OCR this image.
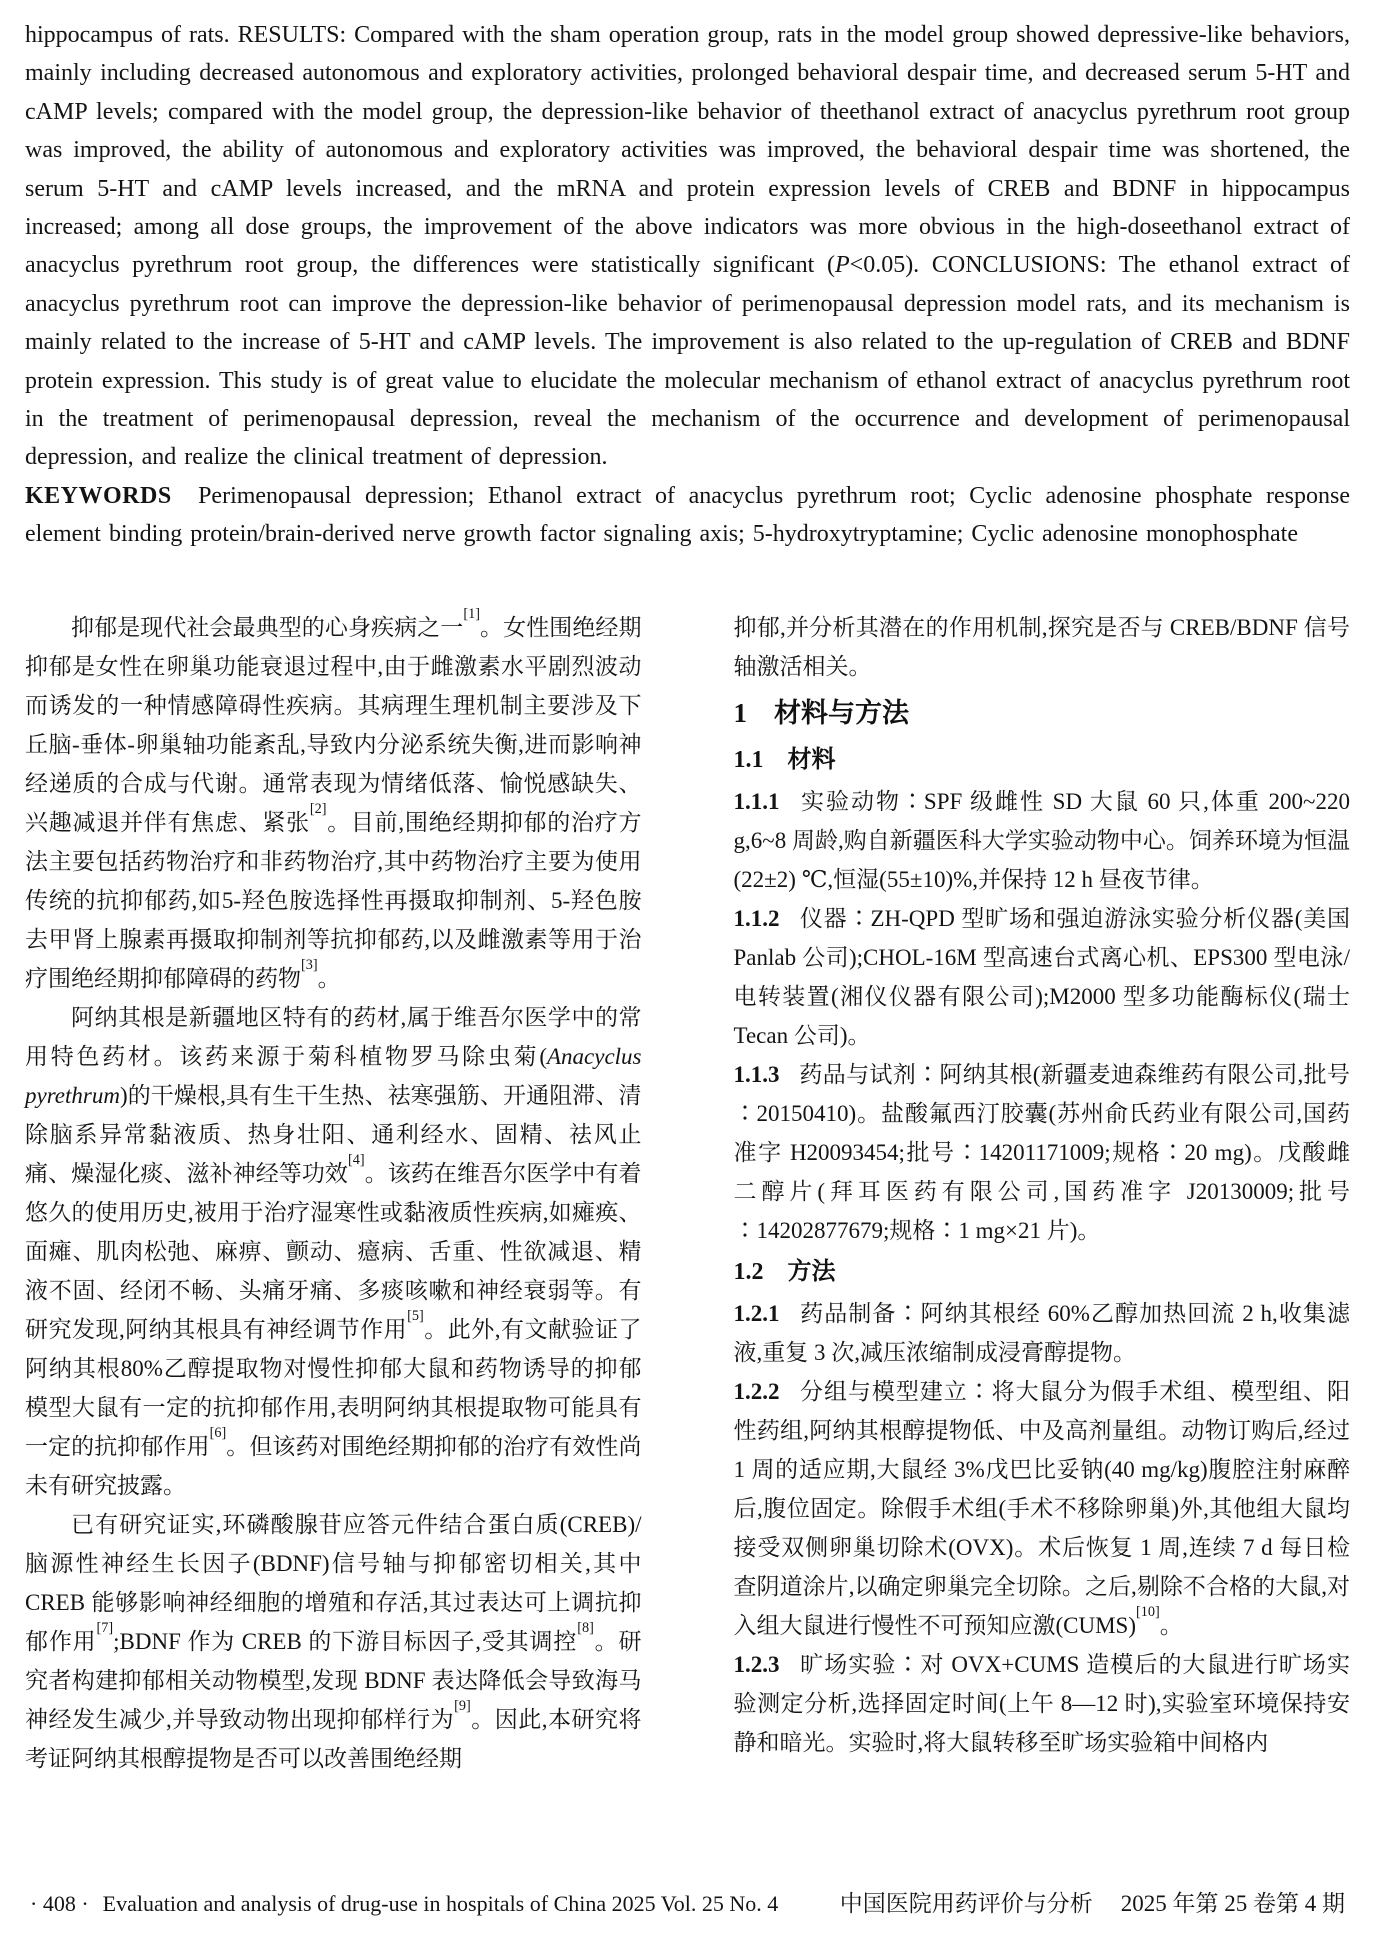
hippocampus of rats. RESULTS: Compared with the sham operation group, rats in the model group showed depressive-like behaviors, mainly including decreased autonomous and exploratory activities, prolonged behavioral despair time, and decreased serum 5-HT and cAMP levels; compared with the model group, the depression-like behavior of theethanol extract of anacyclus pyrethrum root group was improved, the ability of autonomous and exploratory activities was improved, the behavioral despair time was shortened, the serum 5-HT and cAMP levels increased, and the mRNA and protein expression levels of CREB and BDNF in hippocampus increased; among all dose groups, the improvement of the above indicators was more obvious in the high-doseethanol extract of anacyclus pyrethrum root group, the differences were statistically significant (P<0.05). CONCLUSIONS: The ethanol extract of anacyclus pyrethrum root can improve the depression-like behavior of perimenopausal depression model rats, and its mechanism is mainly related to the increase of 5-HT and cAMP levels. The improvement is also related to the up-regulation of CREB and BDNF protein expression. This study is of great value to elucidate the molecular mechanism of ethanol extract of anacyclus pyrethrum root in the treatment of perimenopausal depression, reveal the mechanism of the occurrence and development of perimenopausal depression, and realize the clinical treatment of depression.

KEYWORDS Perimenopausal depression; Ethanol extract of anacyclus pyrethrum root; Cyclic adenosine phosphate response element binding protein/brain-derived nerve growth factor signaling axis; 5-hydroxytryptamine; Cyclic adenosine monophosphate

抑郁是现代社会最典型的心身疾病之一[1]。女性围绝经期抑郁是女性在卵巢功能衰退过程中,由于雌激素水平剧烈波动而诱发的一种情感障碍性疾病。其病理生理机制主要涉及下丘脑-垂体-卵巢轴功能紊乱,导致内分泌系统失衡,进而影响神经递质的合成与代谢。通常表现为情绪低落、愉悦感缺失、兴趣减退并伴有焦虑、紧张[2]。目前,围绝经期抑郁的治疗方法主要包括药物治疗和非药物治疗,其中药物治疗主要为使用传统的抗抑郁药,如5-羟色胺选择性再摄取抑制剂、5-羟色胺去甲肾上腺素再摄取抑制剂等抗抑郁药,以及雌激素等用于治疗围绝经期抑郁障碍的药物[3]。

阿纳其根是新疆地区特有的药材,属于维吾尔医学中的常用特色药材。该药来源于菊科植物罗马除虫菊(Anacyclus pyrethrum)的干燥根,具有生干生热、祛寒强筋、开通阻滞、清除脑系异常黏液质、热身壮阳、通利经水、固精、祛风止痛、燥湿化痰、滋补神经等功效[4]。该药在维吾尔医学中有着悠久的使用历史,被用于治疗湿寒性或黏液质性疾病,如瘫痪、面瘫、肌肉松弛、麻痹、颤动、癔病、舌重、性欲减退、精液不固、经闭不畅、头痛牙痛、多痰咳嗽和神经衰弱等。有研究发现,阿纳其根具有神经调节作用[5]。此外,有文献验证了阿纳其根80%乙醇提取物对慢性抑郁大鼠和药物诱导的抑郁模型大鼠有一定的抗抑郁作用,表明阿纳其根提取物可能具有一定的抗抑郁作用[6]。但该药对围绝经期抑郁的治疗有效性尚未有研究披露。

已有研究证实,环磷酸腺苷应答元件结合蛋白质(CREB)/脑源性神经生长因子(BDNF)信号轴与抑郁密切相关,其中 CREB 能够影响神经细胞的增殖和存活,其过表达可上调抗抑郁作用[7];BDNF 作为 CREB 的下游目标因子,受其调控[8]。研究者构建抑郁相关动物模型,发现 BDNF 表达降低会导致海马神经发生减少,并导致动物出现抑郁样行为[9]。因此,本研究将考证阿纳其根醇提物是否可以改善围绝经期

抑郁,并分析其潜在的作用机制,探究是否与 CREB/BDNF 信号轴激活相关。

1 材料与方法
1.1 材料

1.1.1 实验动物∶SPF 级雌性 SD 大鼠 60 只,体重 200~220 g,6~8 周龄,购自新疆医科大学实验动物中心。饲养环境为恒温(22±2) ℃,恒湿(55±10)%,并保持 12 h 昼夜节律。

1.1.2 仪器∶ZH-QPD 型旷场和强迫游泳实验分析仪器(美国 Panlab 公司);CHOL-16M 型高速台式离心机、EPS300 型电泳/电转装置(湘仪仪器有限公司);M2000 型多功能酶标仪(瑞士 Tecan 公司)。

1.1.3 药品与试剂∶阿纳其根(新疆麦迪森维药有限公司,批号∶20150410)。盐酸氟西汀胶囊(苏州俞氏药业有限公司,国药准字 H20093454;批号∶14201171009;规格∶20 mg)。戊酸雌二醇片(拜耳医药有限公司,国药准字 J20130009;批号∶14202877679;规格∶1 mg×21 片)。

1.2 方法

1.2.1 药品制备∶阿纳其根经 60%乙醇加热回流 2 h,收集滤液,重复 3 次,减压浓缩制成浸膏醇提物。

1.2.2 分组与模型建立∶将大鼠分为假手术组、模型组、阳性药组,阿纳其根醇提物低、中及高剂量组。动物订购后,经过 1 周的适应期,大鼠经 3%戊巴比妥钠(40 mg/kg)腹腔注射麻醉后,腹位固定。除假手术组(手术不移除卵巢)外,其他组大鼠均接受双侧卵巢切除术(OVX)。术后恢复 1 周,连续 7 d 每日检查阴道涂片,以确定卵巢完全切除。之后,剔除不合格的大鼠,对入组大鼠进行慢性不可预知应激(CUMS)[10]。

1.2.3 旷场实验∶对 OVX+CUMS 造模后的大鼠进行旷场实验测定分析,选择固定时间(上午 8—12 时),实验室环境保持安静和暗光。实验时,将大鼠转移至旷场实验箱中间格内

· 408 · Evaluation and analysis of drug-use in hospitals of China 2025 Vol. 25 No. 4	中国医院用药评价与分析 2025 年第 25 卷第 4 期
